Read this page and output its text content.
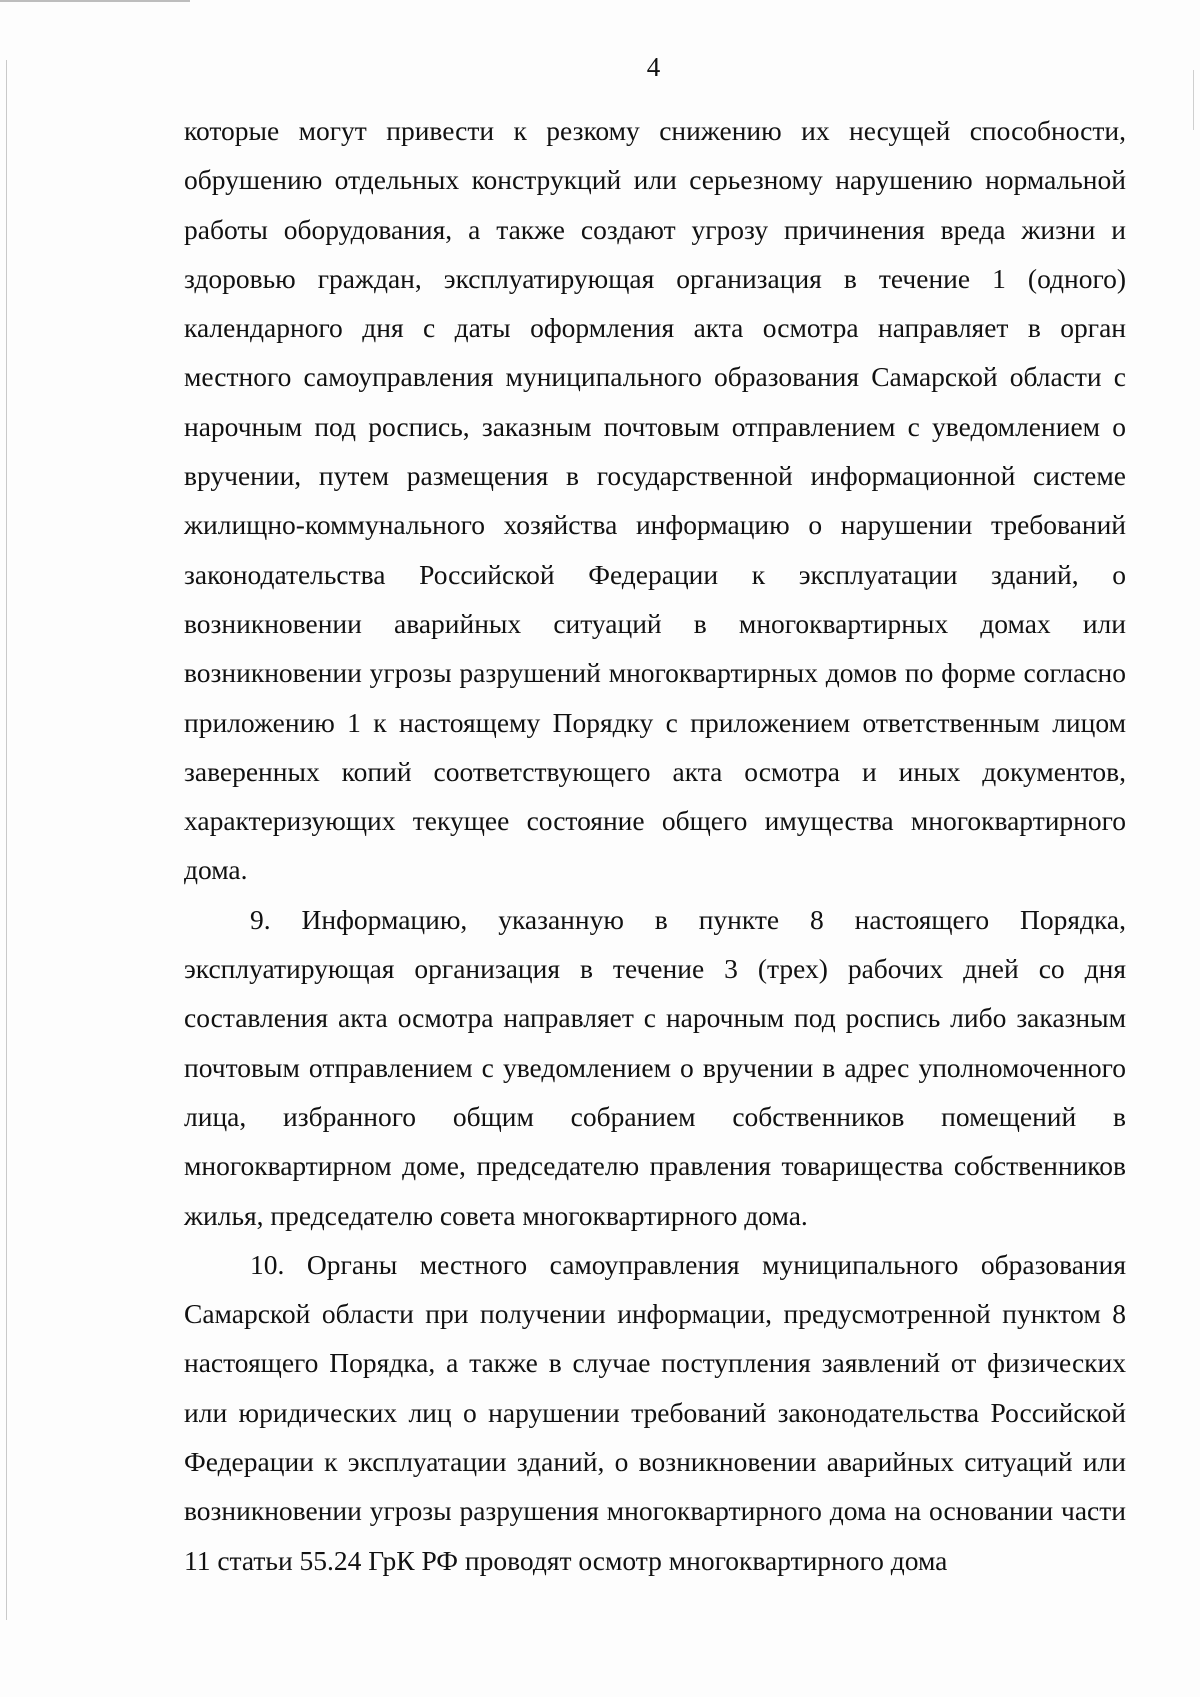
4

которые могут привести к резкому снижению их несущей способности, обрушению отдельных конструкций или серьезному нарушению нормальной работы оборудования, а также создают угрозу причинения вреда жизни и здоровью граждан, эксплуатирующая организация в течение 1 (одного) календарного дня с даты оформления акта осмотра направляет в орган местного самоуправления муниципального образования Самарской области с нарочным под роспись, заказным почтовым отправлением с уведомлением о вручении, путем размещения в государственной информационной системе жилищно-коммунального хозяйства информацию о нарушении требований законодательства Российской Федерации к эксплуатации зданий, о возникновении аварийных ситуаций в многоквартирных домах или возникновении угрозы разрушений многоквартирных домов по форме согласно приложению 1 к настоящему Порядку с приложением ответственным лицом заверенных копий соответствующего акта осмотра и иных документов, характеризующих текущее состояние общего имущества многоквартирного дома.

9. Информацию, указанную в пункте 8 настоящего Порядка, эксплуатирующая организация в течение 3 (трех) рабочих дней со дня составления акта осмотра направляет с нарочным под роспись либо заказным почтовым отправлением с уведомлением о вручении в адрес уполномоченного лица, избранного общим собранием собственников помещений в многоквартирном доме, председателю правления товарищества собственников жилья, председателю совета многоквартирного дома.

10. Органы местного самоуправления муниципального образования Самарской области при получении информации, предусмотренной пунктом 8 настоящего Порядка, а также в случае поступления заявлений от физических или юридических лиц о нарушении требований законодательства Российской Федерации к эксплуатации зданий, о возникновении аварийных ситуаций или возникновении угрозы разрушения многоквартирного дома на основании части 11 статьи 55.24 ГрК РФ проводят осмотр многоквартирного дома
